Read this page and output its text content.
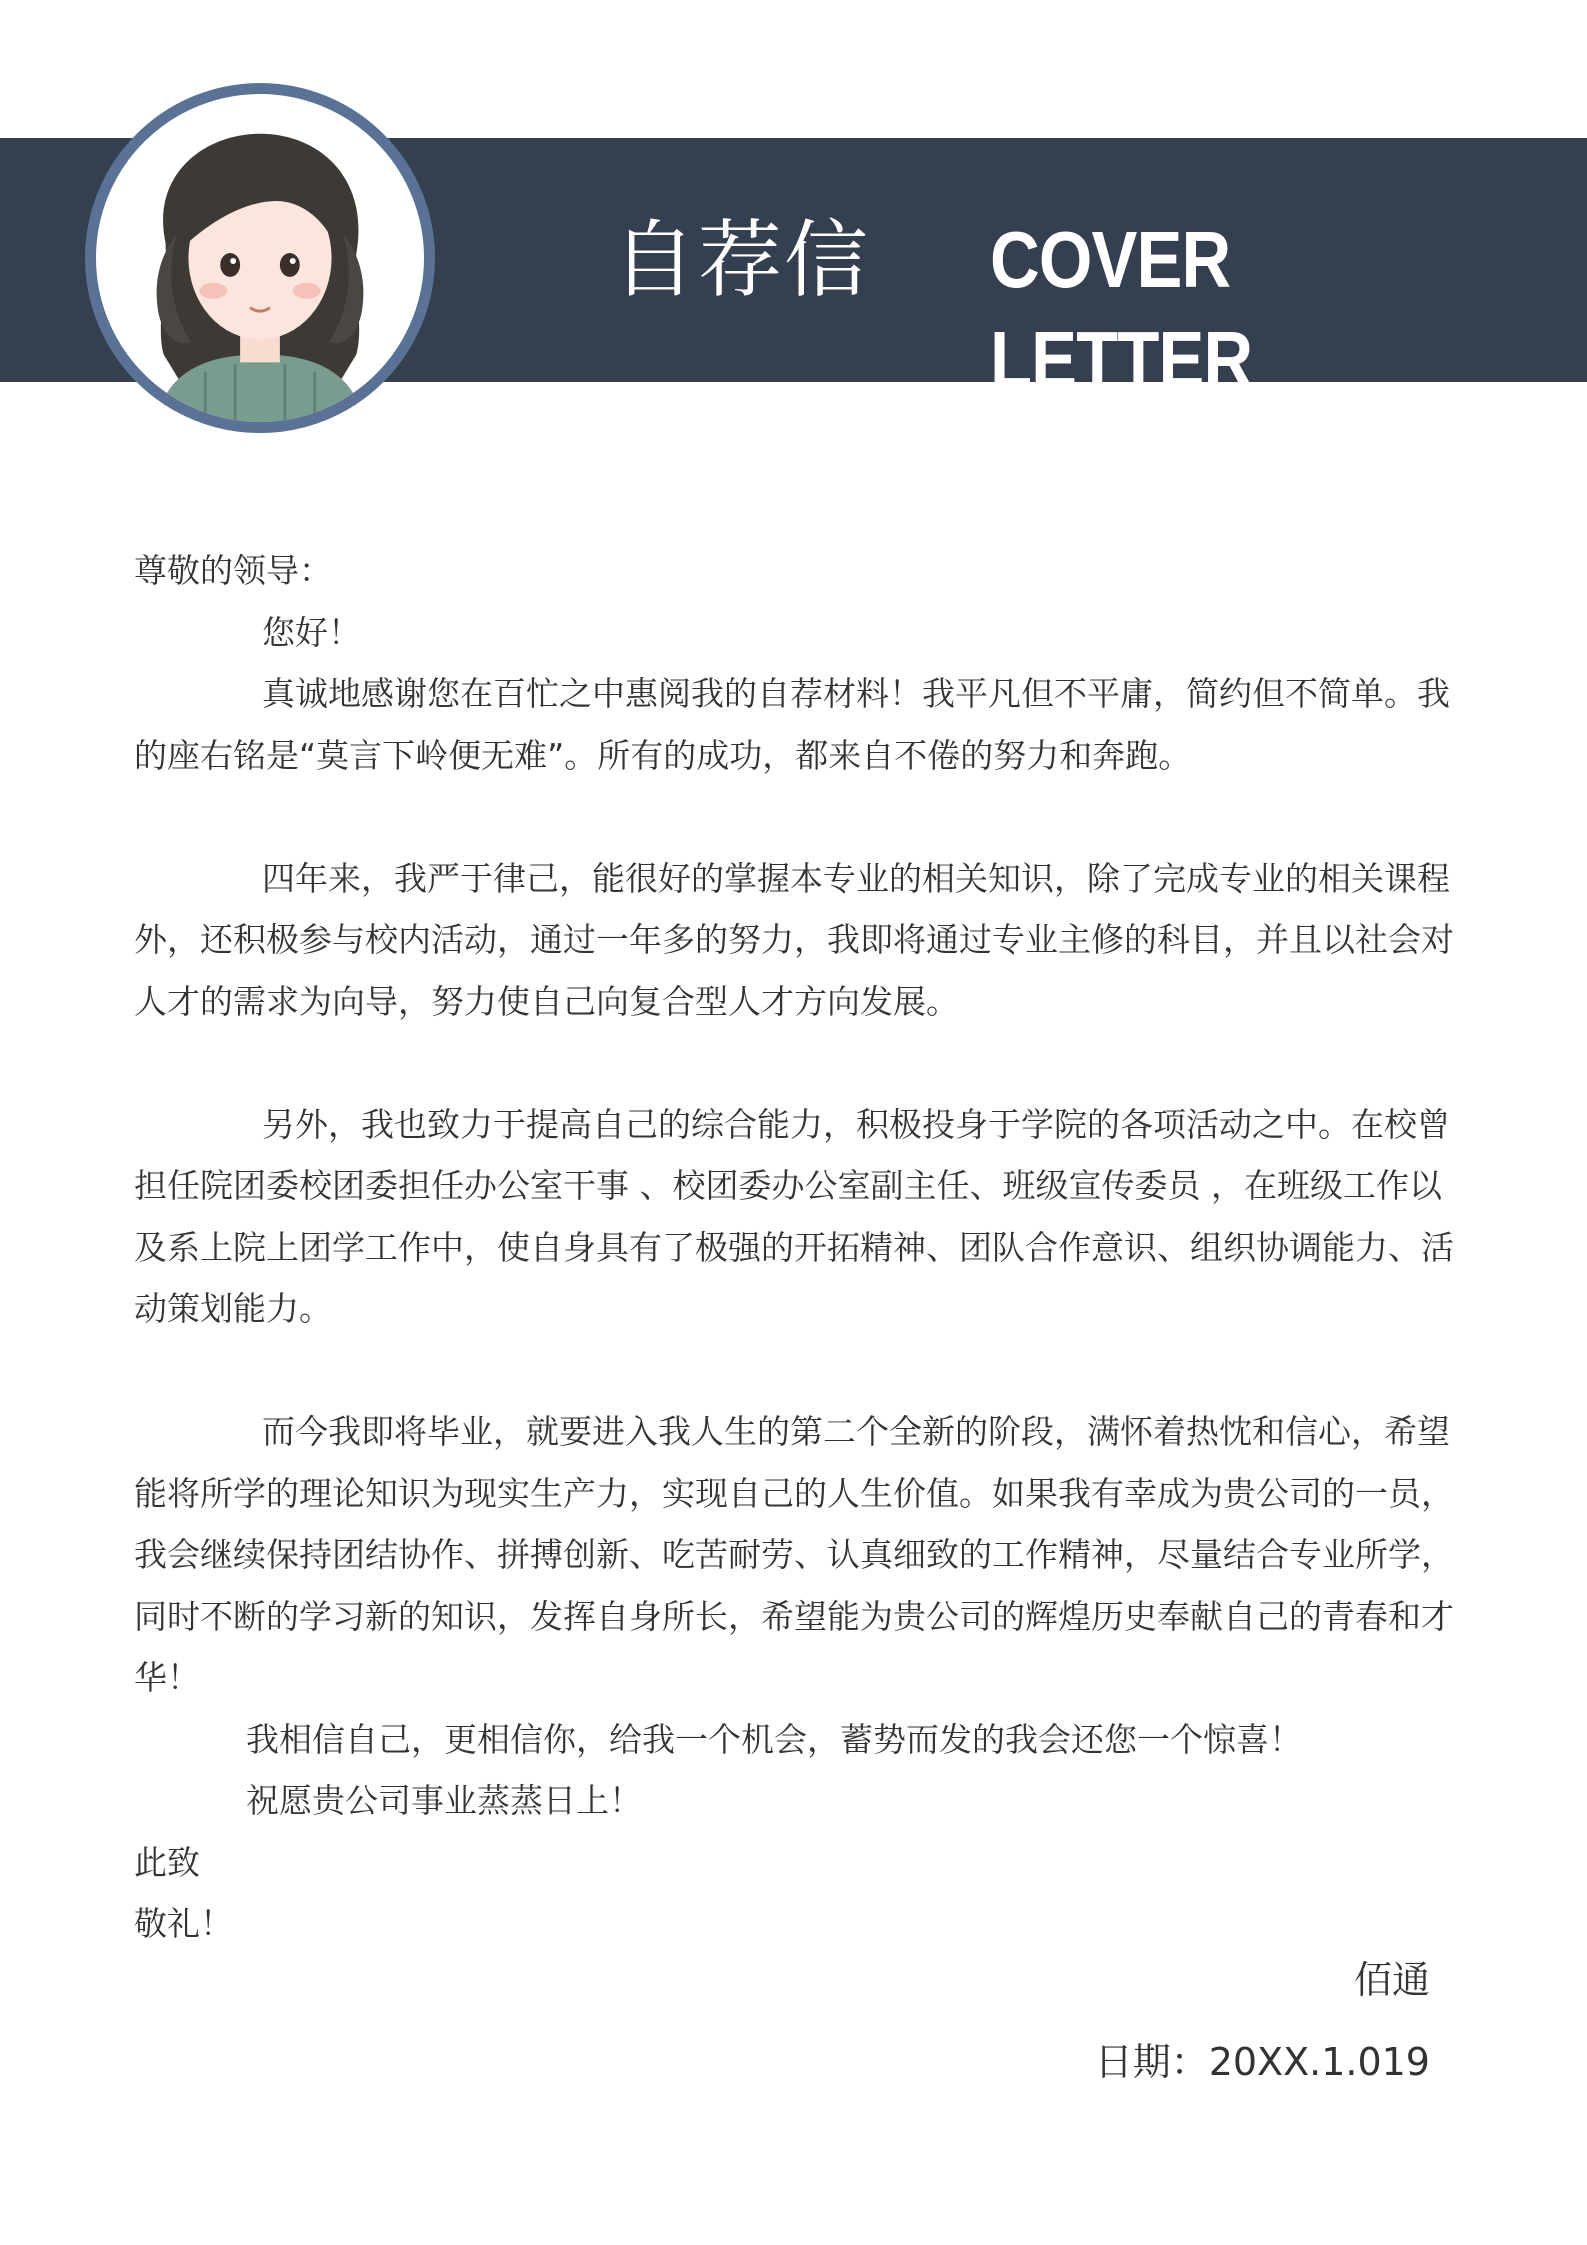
自荐信 COVER LETTER

尊敬的领导：

您好！

真诚地感谢您在百忙之中惠阅我的自荐材料！我平凡但不平庸，简约但不简单。我的座右铭是“莫言下岭便无难”。所有的成功，都来自不倦的努力和奔跑。

四年来，我严于律己，能很好的掌握本专业的相关知识，除了完成专业的相关课程外，还积极参与校内活动，通过一年多的努力，我即将通过专业主修的科目，并且以社会对人才的需求为向导，努力使自己向复合型人才方向发展。

另外，我也致力于提高自己的综合能力，积极投身于学院的各项活动之中。在校曾担任院团委校团委担任办公室干事 、校团委办公室副主任、班级宣传委员 ，在班级工作以及系上院上团学工作中，使自身具有了极强的开拓精神、团队合作意识、组织协调能力、活动策划能力。

而今我即将毕业，就要进入我人生的第二个全新的阶段，满怀着热忱和信心，希望能将所学的理论知识为现实生产力，实现自己的人生价值。如果我有幸成为贵公司的一员，我会继续保持团结协作、拼搏创新、吃苦耐劳、认真细致的工作精神，尽量结合专业所学，同时不断的学习新的知识，发挥自身所长，希望能为贵公司的辉煌历史奉献自己的青春和才华！

我相信自己，更相信你，给我一个机会，蓄势而发的我会还您一个惊喜！

祝愿贵公司事业蒸蒸日上！

此致

敬礼！

佰通
日期：20XX.1.019
